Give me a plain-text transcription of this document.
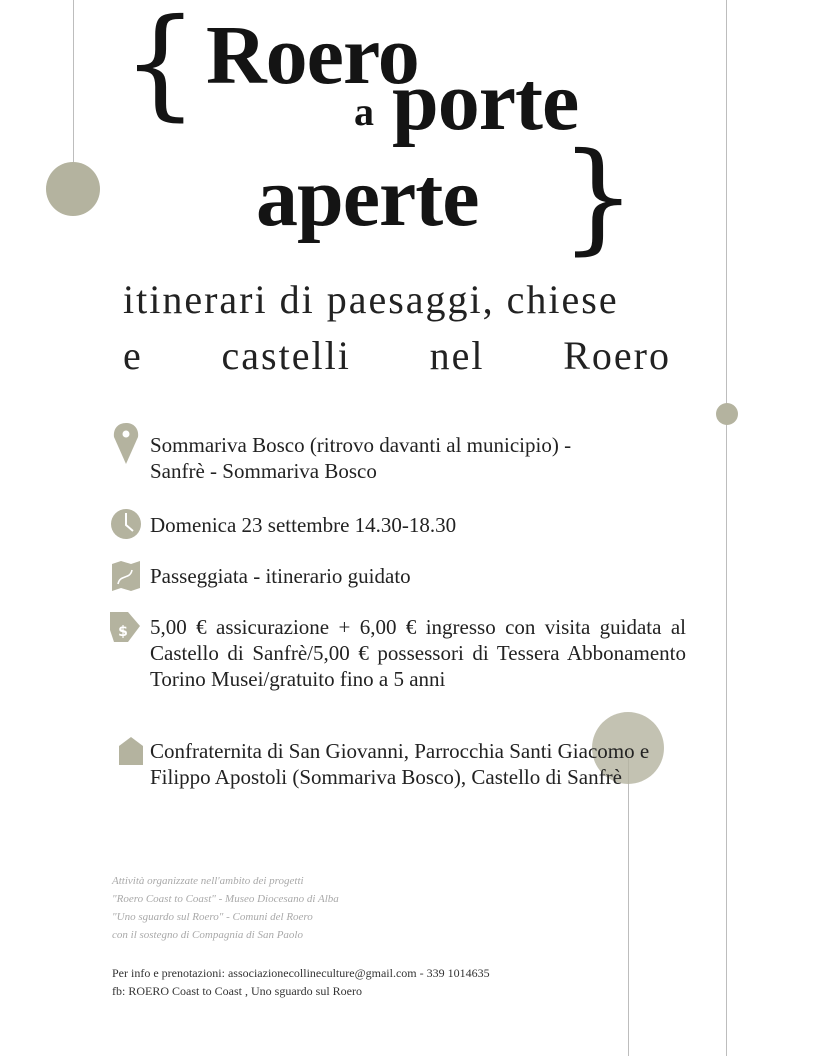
{ Roero
a porte
aperte }
itinerari di paesaggi, chiese
e castelli nel Roero
Sommariva Bosco (ritrovo davanti al municipio) -
Sanfrè - Sommariva Bosco
Domenica 23 settembre 14.30-18.30
Passeggiata - itinerario guidato
$ 5,00 € assicurazione + 6,00 € ingresso con visita guidata al Castello di Sanfrè/5,00 € possessori di Tessera Abbonamento Torino Musei/gratuito fino a 5 anni
Confraternita di San Giovanni, Parrocchia Santi Giacomo e Filippo Apostoli (Sommariva Bosco), Castello di Sanfrè
Attività organizzate nell'ambito dei progetti
"Roero Coast to Coast" - Museo Diocesano di Alba
"Uno sguardo sul Roero" - Comuni del Roero
con il sostegno di Compagnia di San Paolo
Per info e prenotazioni: associazionecollineculture@gmail.com - 339 1014635
fb: ROERO Coast to Coast , Uno sguardo sul Roero
